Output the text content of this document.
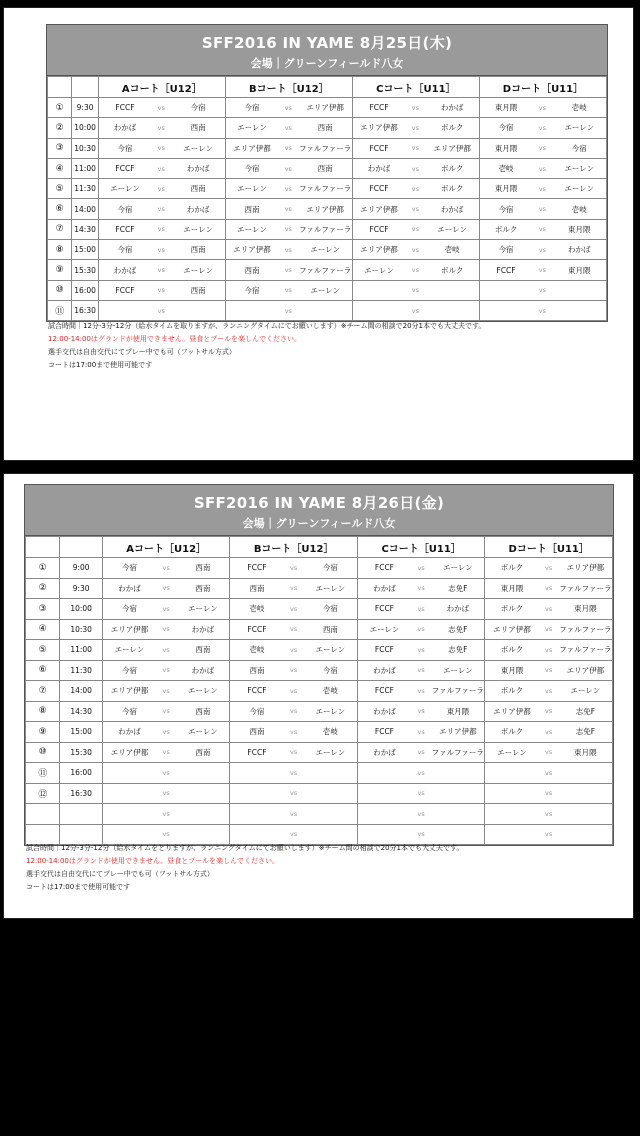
SFF2016 IN YAME 8月25日(木)
会場｜グリーンフィールド八女
		Aコート［U12］			Bコート［U12］			Cコート［U11］			Dコート［U11］		
①	9:30	FCCF	vs	今宿	今宿	vs	エリア伊都	FCCF	vs	わかば	東月隈	vs	壱岐
②	10:00	わかば	vs	西南	エーレン	vs	西南	エリア伊都	vs	ボルク	今宿	vs	エーレン
③	10:30	今宿	vs	エーレン	エリア伊都	vs	ファルファーラ	FCCF	vs	エリア伊都	東月隈	vs	今宿
④	11:00	FCCF	vs	わかば	今宿	vs	西南	わかば	vs	ボルク	壱岐	vs	エーレン
⑤	11:30	エーレン	vs	西南	エーレン	vs	ファルファーラ	FCCF	vs	ボルク	東月隈	vs	エーレン
⑥	14:00	今宿	vs	わかば	西南	vs	エリア伊都	エリア伊都	vs	わかば	今宿	vs	壱岐
⑦	14:30	FCCF	vs	エーレン	エーレン	vs	ファルファーラ	FCCF	vs	エーレン	ボルク	vs	東月隈
⑧	15:00	今宿	vs	西南	エリア伊都	vs	エーレン	エリア伊都	vs	壱岐	今宿	vs	わかば
⑨	15:30	わかば	vs	エーレン	西南	vs	ファルファーラ	エーレン	vs	ボルク	FCCF	vs	東月隈
⑩	16:00	FCCF	vs	西南	今宿	vs	エーレン		vs			vs	
⑪	16:30		vs			vs			vs			vs	
試合時間｜12分-3分-12分（給水タイムを取りますが、ランニングタイムにてお願いします）※チーム間の相談で20分1本でも大丈夫です。
12:00-14:00はグランドが使用できません。昼食とプールを楽しんでください。
選手交代は自由交代にてプレー中でも可（フットサル方式）
コートは17:00まで使用可能です
SFF2016 IN YAME 8月26日(金)
会場｜グリーンフィールド八女
		Aコート［U12］			Bコート［U12］			Cコート［U11］			Dコート［U11］		
①	9:00	今宿	vs	西南	FCCF	vs	今宿	FCCF	vs	エーレン	ボルク	vs	エリア伊都
②	9:30	わかば	vs	西南	西南	vs	エーレン	わかば	vs	志免F	東月隈	vs	ファルファーラ
③	10:00	今宿	vs	エーレン	壱岐	vs	今宿	FCCF	vs	わかば	ボルク	vs	東月隈
④	10:30	エリア伊都	vs	わかば	FCCF	vs	西南	エーレン	vs	志免F	エリア伊都	vs	ファルファーラ
⑤	11:00	エーレン	vs	西南	壱岐	vs	エーレン	FCCF	vs	志免F	ボルク	vs	ファルファーラ
⑥	11:30	今宿	vs	わかば	西南	vs	今宿	わかば	vs	エーレン	東月隈	vs	エリア伊都
⑦	14:00	エリア伊都	vs	エーレン	FCCF	vs	壱岐	FCCF	vs	ファルファーラ	ボルク	vs	エーレン
⑧	14:30	今宿	vs	西南	今宿	vs	エーレン	わかば	vs	東月隈	エリア伊都	vs	志免F
⑨	15:00	わかば	vs	エーレン	西南	vs	壱岐	FCCF	vs	エリア伊都	ボルク	vs	志免F
⑩	15:30	エリア伊都	vs	西南	FCCF	vs	エーレン	わかば	vs	ファルファーラ	エーレン	vs	東月隈
⑪	16:00		vs			vs			vs			vs	
⑫	16:30		vs			vs			vs			vs	
			vs			vs			vs			vs	
			vs			vs			vs			vs	
試合時間｜12分-3分-12分（給水タイムをとりますが、ランニングタイムにてお願いします）※チーム間の相談で20分1本でも大丈夫です。
12:00-14:00はグランドが使用できません。昼食とプールを楽しんでください。
選手交代は自由交代にてプレー中でも可（フットサル方式）
コートは17:00まで使用可能です
